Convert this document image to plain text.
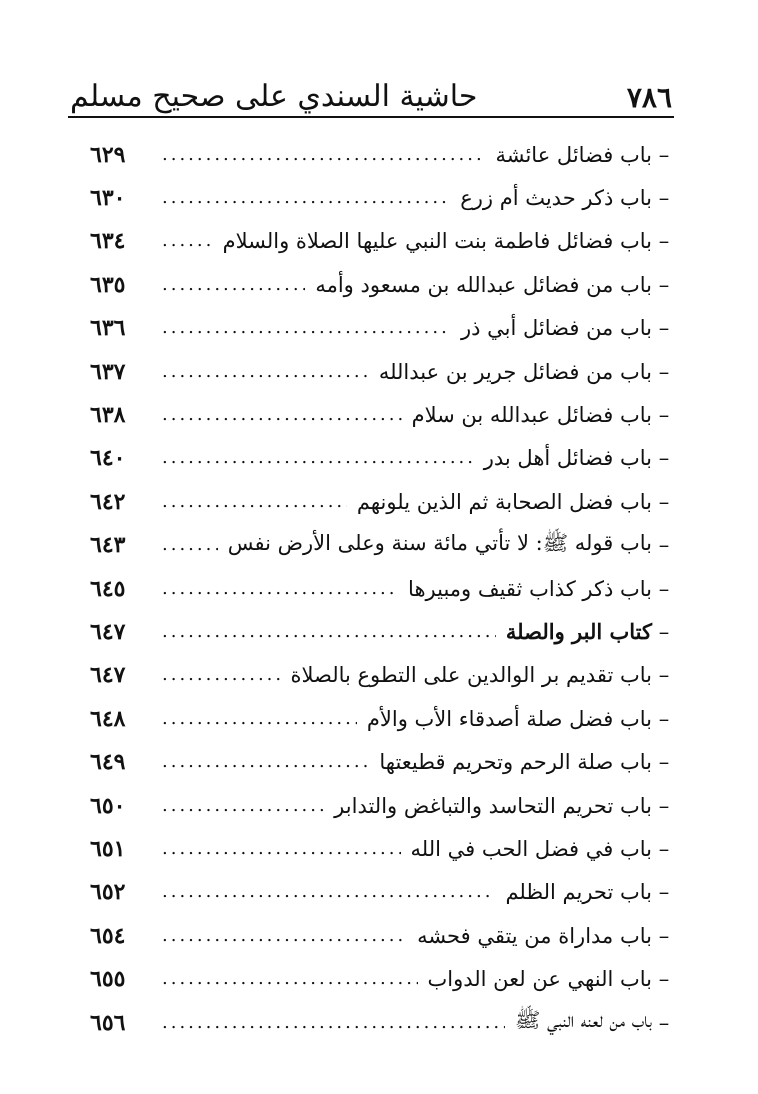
٧٨٦
حاشية السندي على صحيح مسلم
–
باب فضائل عائشة
.....
٦٢٩
–
باب ذكر حديث أم زرع
.....
٦٣٠
–
باب فضائل فاطمة بنت النبي عليها الصلاة والسلام
.....
٦٣٤
–
باب من فضائل عبدالله بن مسعود وأمه
.....
٦٣٥
–
باب من فضائل أبي ذر
.....
٦٣٦
–
باب من فضائل جرير بن عبدالله
.....
٦٣٧
–
باب فضائل عبدالله بن سلام
.....
٦٣٨
–
باب فضائل أهل بدر
.....
٦٤٠
–
باب فضل الصحابة ثم الذين يلونهم
.....
٦٤٢
–
باب قوله ﷺ: لا تأتي مائة سنة وعلى الأرض نفس
.....
٦٤٣
–
باب ذكر كذاب ثقيف ومبيرها
.....
٦٤٥
–
كتاب البر والصلة
.....
٦٤٧
–
باب تقديم بر الوالدين على التطوع بالصلاة
.....
٦٤٧
–
باب فضل صلة أصدقاء الأب والأم
.....
٦٤٨
–
باب صلة الرحم وتحريم قطيعتها
.....
٦٤٩
–
باب تحريم التحاسد والتباغض والتدابر
.....
٦٥٠
–
باب في فضل الحب في الله
.....
٦٥١
–
باب تحريم الظلم
.....
٦٥٢
–
باب مداراة من يتقي فحشه
.....
٦٥٤
–
باب النهي عن لعن الدواب
.....
٦٥٥
–
باب من لعنه النبي ﷺ
.....
٦٥٦
